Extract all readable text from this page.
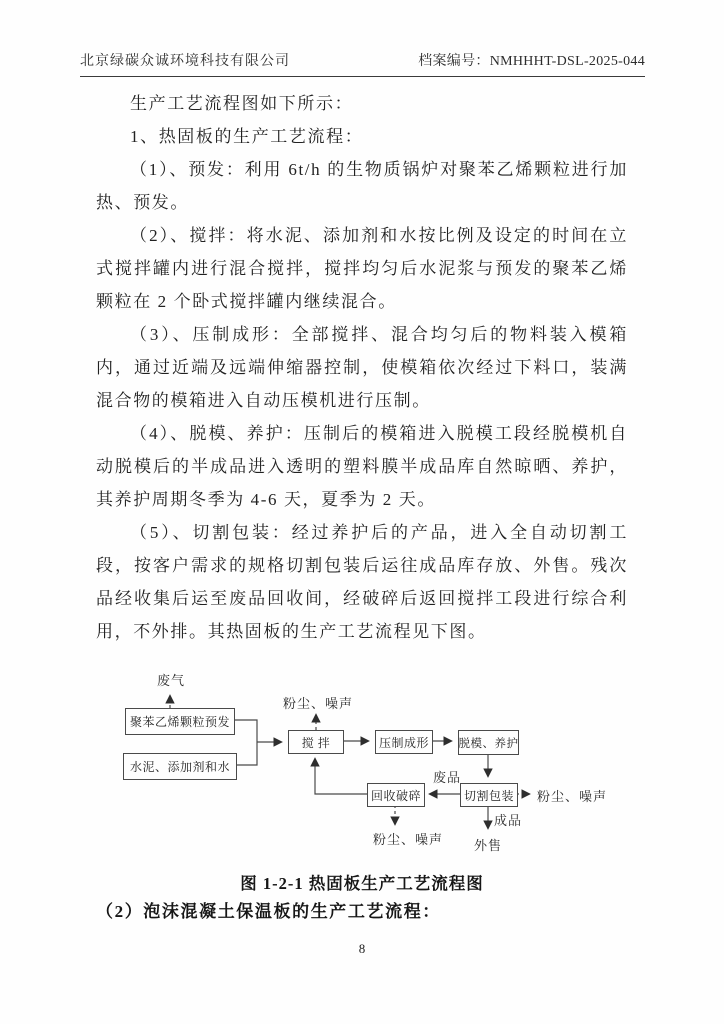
北京绿碳众诚环境科技有限公司	档案编号：NMHHHT-DSL-2025-044

生产工艺流程图如下所示：

1、热固板的生产工艺流程：

（1）、预发：利用 6t/h 的生物质锅炉对聚苯乙烯颗粒进行加热、预发。

（2）、搅拌：将水泥、添加剂和水按比例及设定的时间在立式搅拌罐内进行混合搅拌，搅拌均匀后水泥浆与预发的聚苯乙烯颗粒在 2 个卧式搅拌罐内继续混合。

（3）、压制成形：全部搅拌、混合均匀后的物料装入模箱内，通过近端及远端伸缩器控制，使模箱依次经过下料口，装满混合物的模箱进入自动压模机进行压制。

（4）、脱模、养护：压制后的模箱进入脱模工段经脱模机自动脱模后的半成品进入透明的塑料膜半成品库自然晾晒、养护，其养护周期冬季为 4-6 天，夏季为 2 天。

（5）、切割包装：经过养护后的产品，进入全自动切割工段，按客户需求的规格切割包装后运往成品库存放、外售。残次品经收集后运至废品回收间，经破碎后返回搅拌工段进行综合利用，不外排。其热固板的生产工艺流程见下图。

聚苯乙烯颗粒预发
水泥、添加剂和水
搅 拌	压制成形	脱模、养护
切割包装
回收破碎
废气
粉尘、噪声
废品
粉尘、噪声
粉尘、噪声
成品
外售
图 1-2-1 热固板生产工艺流程图
（2）泡沫混凝土保温板的生产工艺流程：
8
